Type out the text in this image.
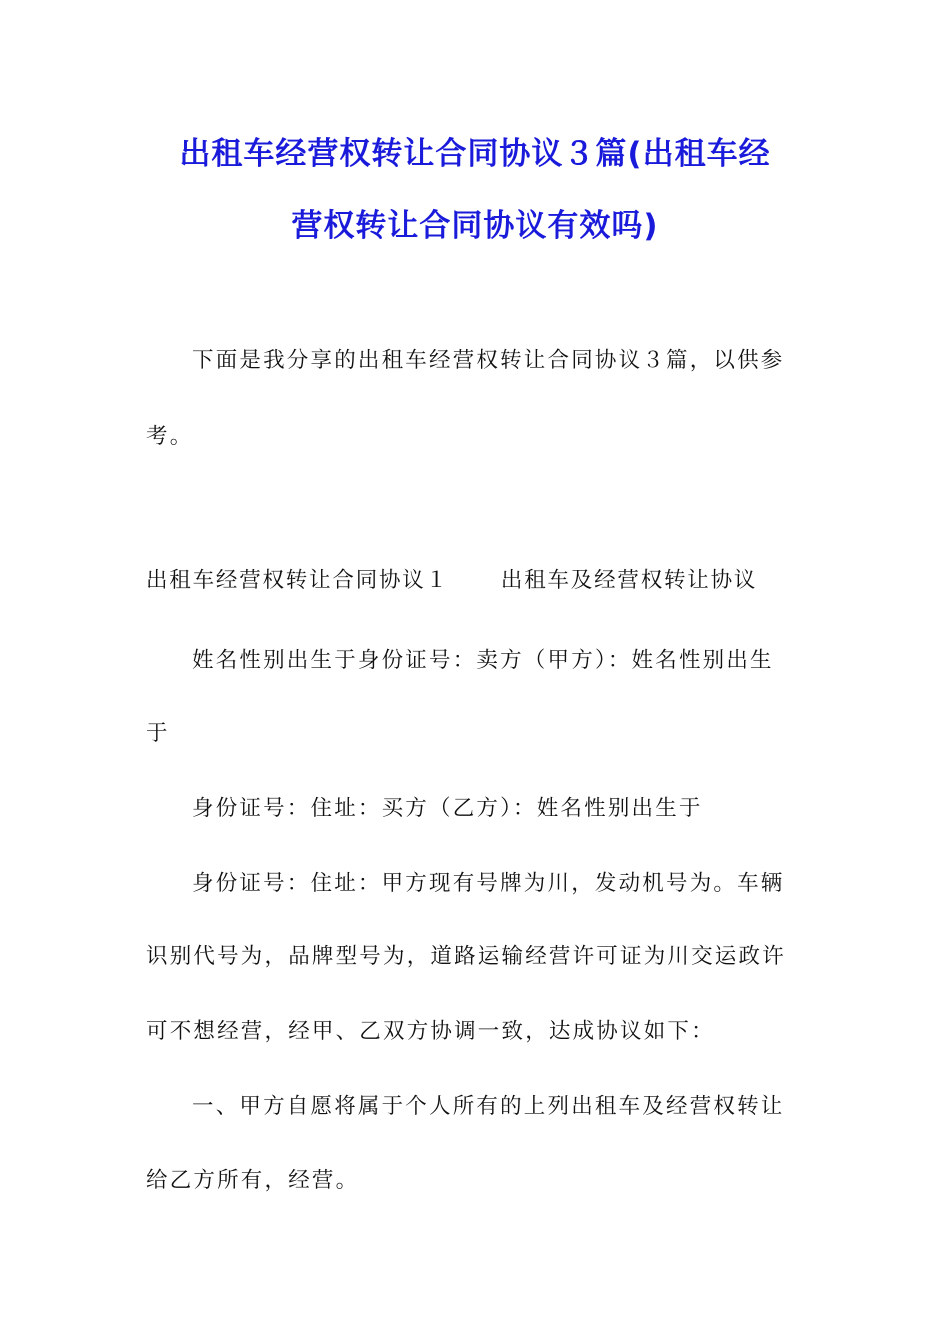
出租车经营权转让合同协议３篇(出租车经
营权转让合同协议有效吗)

下面是我分享的出租车经营权转让合同协议３篇，以供参

考。

出租车经营权转让合同协议１ 出租车及经营权转让协议

姓名性别出生于身份证号：卖方（甲方）：姓名性别出生

于

身份证号：住址：买方（乙方）：姓名性别出生于

身份证号：住址：甲方现有号牌为川，发动机号为。车辆

识别代号为，品牌型号为，道路运输经营许可证为川交运政许

可不想经营，经甲、乙双方协调一致，达成协议如下：

一、甲方自愿将属于个人所有的上列出租车及经营权转让

给乙方所有，经营。
